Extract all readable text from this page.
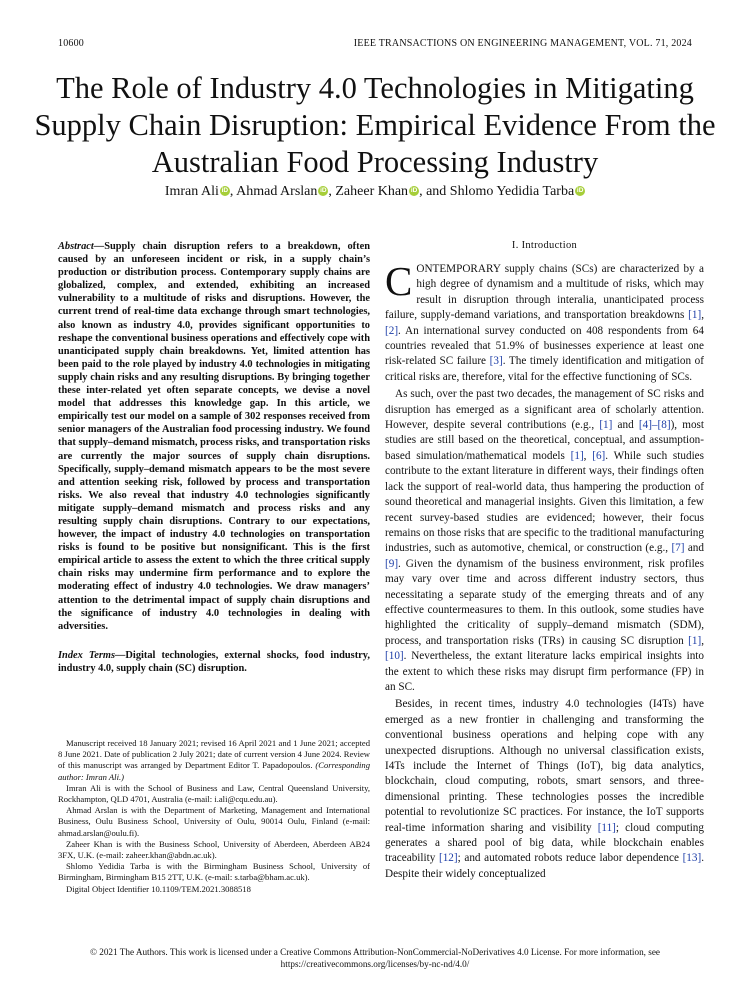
10600	IEEE TRANSACTIONS ON ENGINEERING MANAGEMENT, VOL. 71, 2024
The Role of Industry 4.0 Technologies in Mitigating Supply Chain Disruption: Empirical Evidence From the Australian Food Processing Industry
Imran Ali iD , Ahmad Arslan iD , Zaheer Khan iD , and Shlomo Yedidia Tarba iD

Abstract—Supply chain disruption refers to a breakdown, often caused by an unforeseen incident or risk, in a supply chain’s production or distribution process. Contemporary supply chains are globalized, complex, and extended, exhibiting an increased vulnerability to a multitude of risks and disruptions. However, the current trend of real-time data exchange through smart technologies, also known as industry 4.0, provides significant opportunities to reshape the conventional business operations and effectively cope with unanticipated supply chain breakdowns. Yet, limited attention has been paid to the role played by industry 4.0 technologies in mitigating supply chain risks and any resulting disruptions. By bringing together these inter-related yet often separate concepts, we devise a novel model that addresses this knowledge gap. In this article, we empirically test our model on a sample of 302 responses received from senior managers of the Australian food processing industry. We found that supply–demand mismatch, process risks, and transportation risks are currently the major sources of supply chain disruptions. Specifically, supply–demand mismatch appears to be the most severe and attention seeking risk, followed by process and transportation risks. We also reveal that industry 4.0 technologies significantly mitigate supply–demand mismatch and process risks and any resulting supply chain disruptions. Contrary to our expectations, however, the impact of industry 4.0 technologies on transportation risks is found to be positive but nonsignificant. This is the first empirical article to assess the extent to which the three critical supply chain risks may undermine firm performance and to explore the moderating effect of industry 4.0 technologies. We draw managers’ attention to the detrimental impact of supply chain disruptions and the significance of industry 4.0 technologies in dealing with adversities.

Index Terms—Digital technologies, external shocks, food industry, industry 4.0, supply chain (SC) disruption.

Manuscript received 18 January 2021; revised 16 April 2021 and 1 June 2021; accepted 8 June 2021. Date of publication 2 July 2021; date of current version 4 June 2024. Review of this manuscript was arranged by Department Editor T. Papadopoulos. (Corresponding author: Imran Ali.)

Imran Ali is with the School of Business and Law, Central Queensland University, Rockhampton, QLD 4701, Australia (e-mail: i.ali@cqu.edu.au).

Ahmad Arslan is with the Department of Marketing, Management and International Business, Oulu Business School, University of Oulu, 90014 Oulu, Finland (e-mail: ahmad.arslan@oulu.fi).

Zaheer Khan is with the Business School, University of Aberdeen, Aberdeen AB24 3FX, U.K. (e-mail: zaheer.khan@abdn.ac.uk).

Shlomo Yedidia Tarba is with the Birmingham Business School, University of Birmingham, Birmingham B15 2TT, U.K. (e-mail: s.tarba@bham.ac.uk).

Digital Object Identifier 10.1109/TEM.2021.3088518

I. Introduction

CONTEMPORARY supply chains (SCs) are characterized by a high degree of dynamism and a multitude of risks, which may result in disruption through interalia, unanticipated process failure, supply-demand variations, and transportation breakdowns [1], [2]. An international survey conducted on 408 respondents from 64 countries revealed that 51.9% of businesses experience at least one risk-related SC failure [3]. The timely identification and mitigation of critical risks are, therefore, vital for the effective functioning of SCs.

As such, over the past two decades, the management of SC risks and disruption has emerged as a significant area of scholarly attention. However, despite several contributions (e.g., [1] and [4]–[8]), most studies are still based on the theoretical, conceptual, and assumption-based simulation/mathematical models [1], [6]. While such studies contribute to the extant literature in different ways, their findings often lack the support of real-world data, thus hampering the production of sound theoretical and managerial insights. Given this limitation, a few recent survey-based studies are evidenced; however, their focus remains on those risks that are specific to the traditional manufacturing industries, such as automotive, chemical, or construction (e.g., [7] and [9]. Given the dynamism of the business environment, risk profiles may vary over time and across different industry sectors, thus necessitating a separate study of the emerging threats and of any effective countermeasures to them. In this outlook, some studies have highlighted the criticality of supply–demand mismatch (SDM), process, and transportation risks (TRs) in causing SC disruption [1], [10]. Nevertheless, the extant literature lacks empirical insights into the extent to which these risks may disrupt firm performance (FP) in an SC.

Besides, in recent times, industry 4.0 technologies (I4Ts) have emerged as a new frontier in challenging and transforming the conventional business operations and helping cope with any unexpected disruptions. Although no universal classification exists, I4Ts include the Internet of Things (IoT), big data analytics, blockchain, cloud computing, robots, smart sensors, and three-dimensional printing. These technologies posses the incredible potential to revolutionize SC practices. For instance, the IoT supports real-time information sharing and visibility [11]; cloud computing generates a shared pool of big data, while blockchain enables traceability [12]; and automated robots reduce labor dependence [13]. Despite their widely conceptualized

© 2021 The Authors. This work is licensed under a Creative Commons Attribution-NonCommercial-NoDerivatives 4.0 License. For more information, see
https://creativecommons.org/licenses/by-nc-nd/4.0/
